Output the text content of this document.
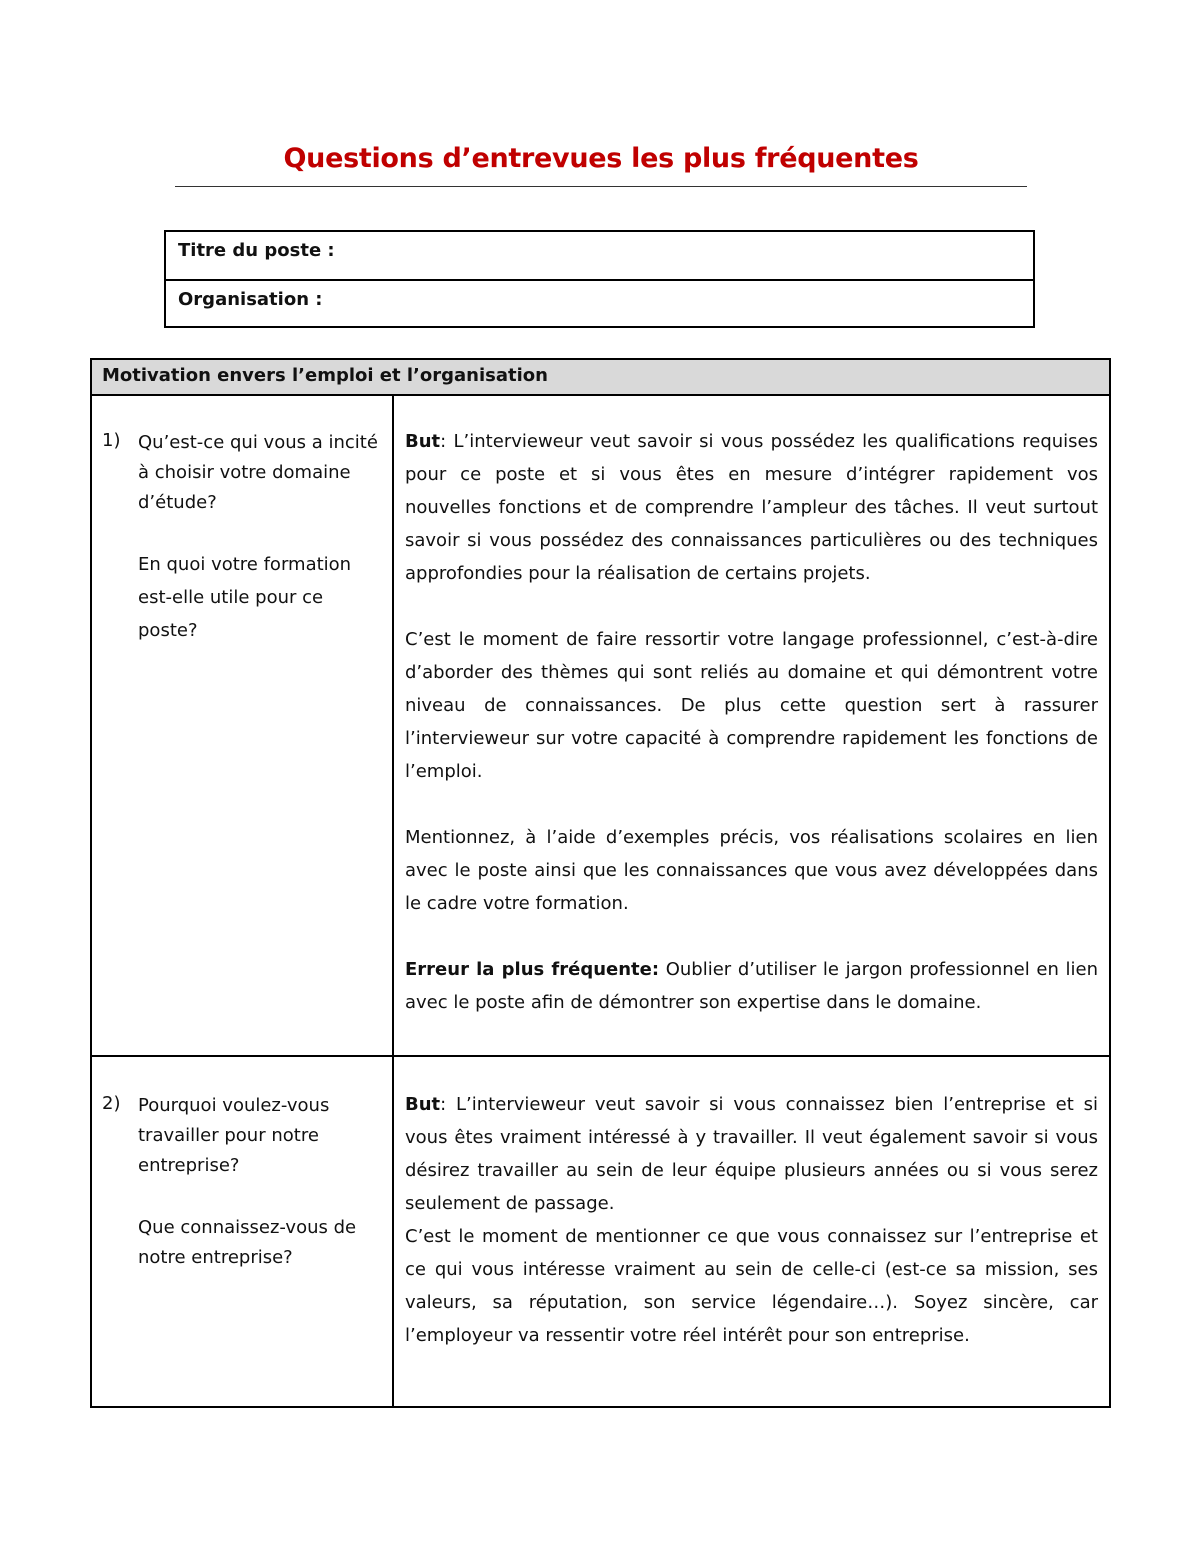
Questions d’entrevues les plus fréquentes
Titre du poste :
Organisation :
Motivation envers l’emploi et l’organisation
1) Qu’est-ce qui vous a incité à choisir votre domaine d’étude?

En quoi votre formation est-elle utile pour ce poste?

But: L’intervieweur veut savoir si vous possédez les qualifications requises pour ce poste et si vous êtes en mesure d’intégrer rapidement vos nouvelles fonctions et de comprendre l’ampleur des tâches. Il veut surtout savoir si vous possédez des connaissances particulières ou des techniques approfondies pour la réalisation de certains projets.

C’est le moment de faire ressortir votre langage professionnel, c’est-à-dire d’aborder des thèmes qui sont reliés au domaine et qui démontrent votre niveau de connaissances. De plus cette question sert à rassurer l’intervieweur sur votre capacité à comprendre rapidement les fonctions de l’emploi.

Mentionnez, à l’aide d’exemples précis, vos réalisations scolaires en lien avec le poste ainsi que les connaissances que vous avez développées dans le cadre votre formation.

Erreur la plus fréquente: Oublier d’utiliser le jargon professionnel en lien avec le poste afin de démontrer son expertise dans le domaine.

2) Pourquoi voulez-vous travailler pour notre entreprise?

Que connaissez-vous de notre entreprise?

But: L’intervieweur veut savoir si vous connaissez bien l’entreprise et si vous êtes vraiment intéressé à y travailler. Il veut également savoir si vous désirez travailler au sein de leur équipe plusieurs années ou si vous serez seulement de passage.

C’est le moment de mentionner ce que vous connaissez sur l’entreprise et ce qui vous intéresse vraiment au sein de celle-ci (est-ce sa mission, ses valeurs, sa réputation, son service légendaire…). Soyez sincère, car l’employeur va ressentir votre réel intérêt pour son entreprise.
